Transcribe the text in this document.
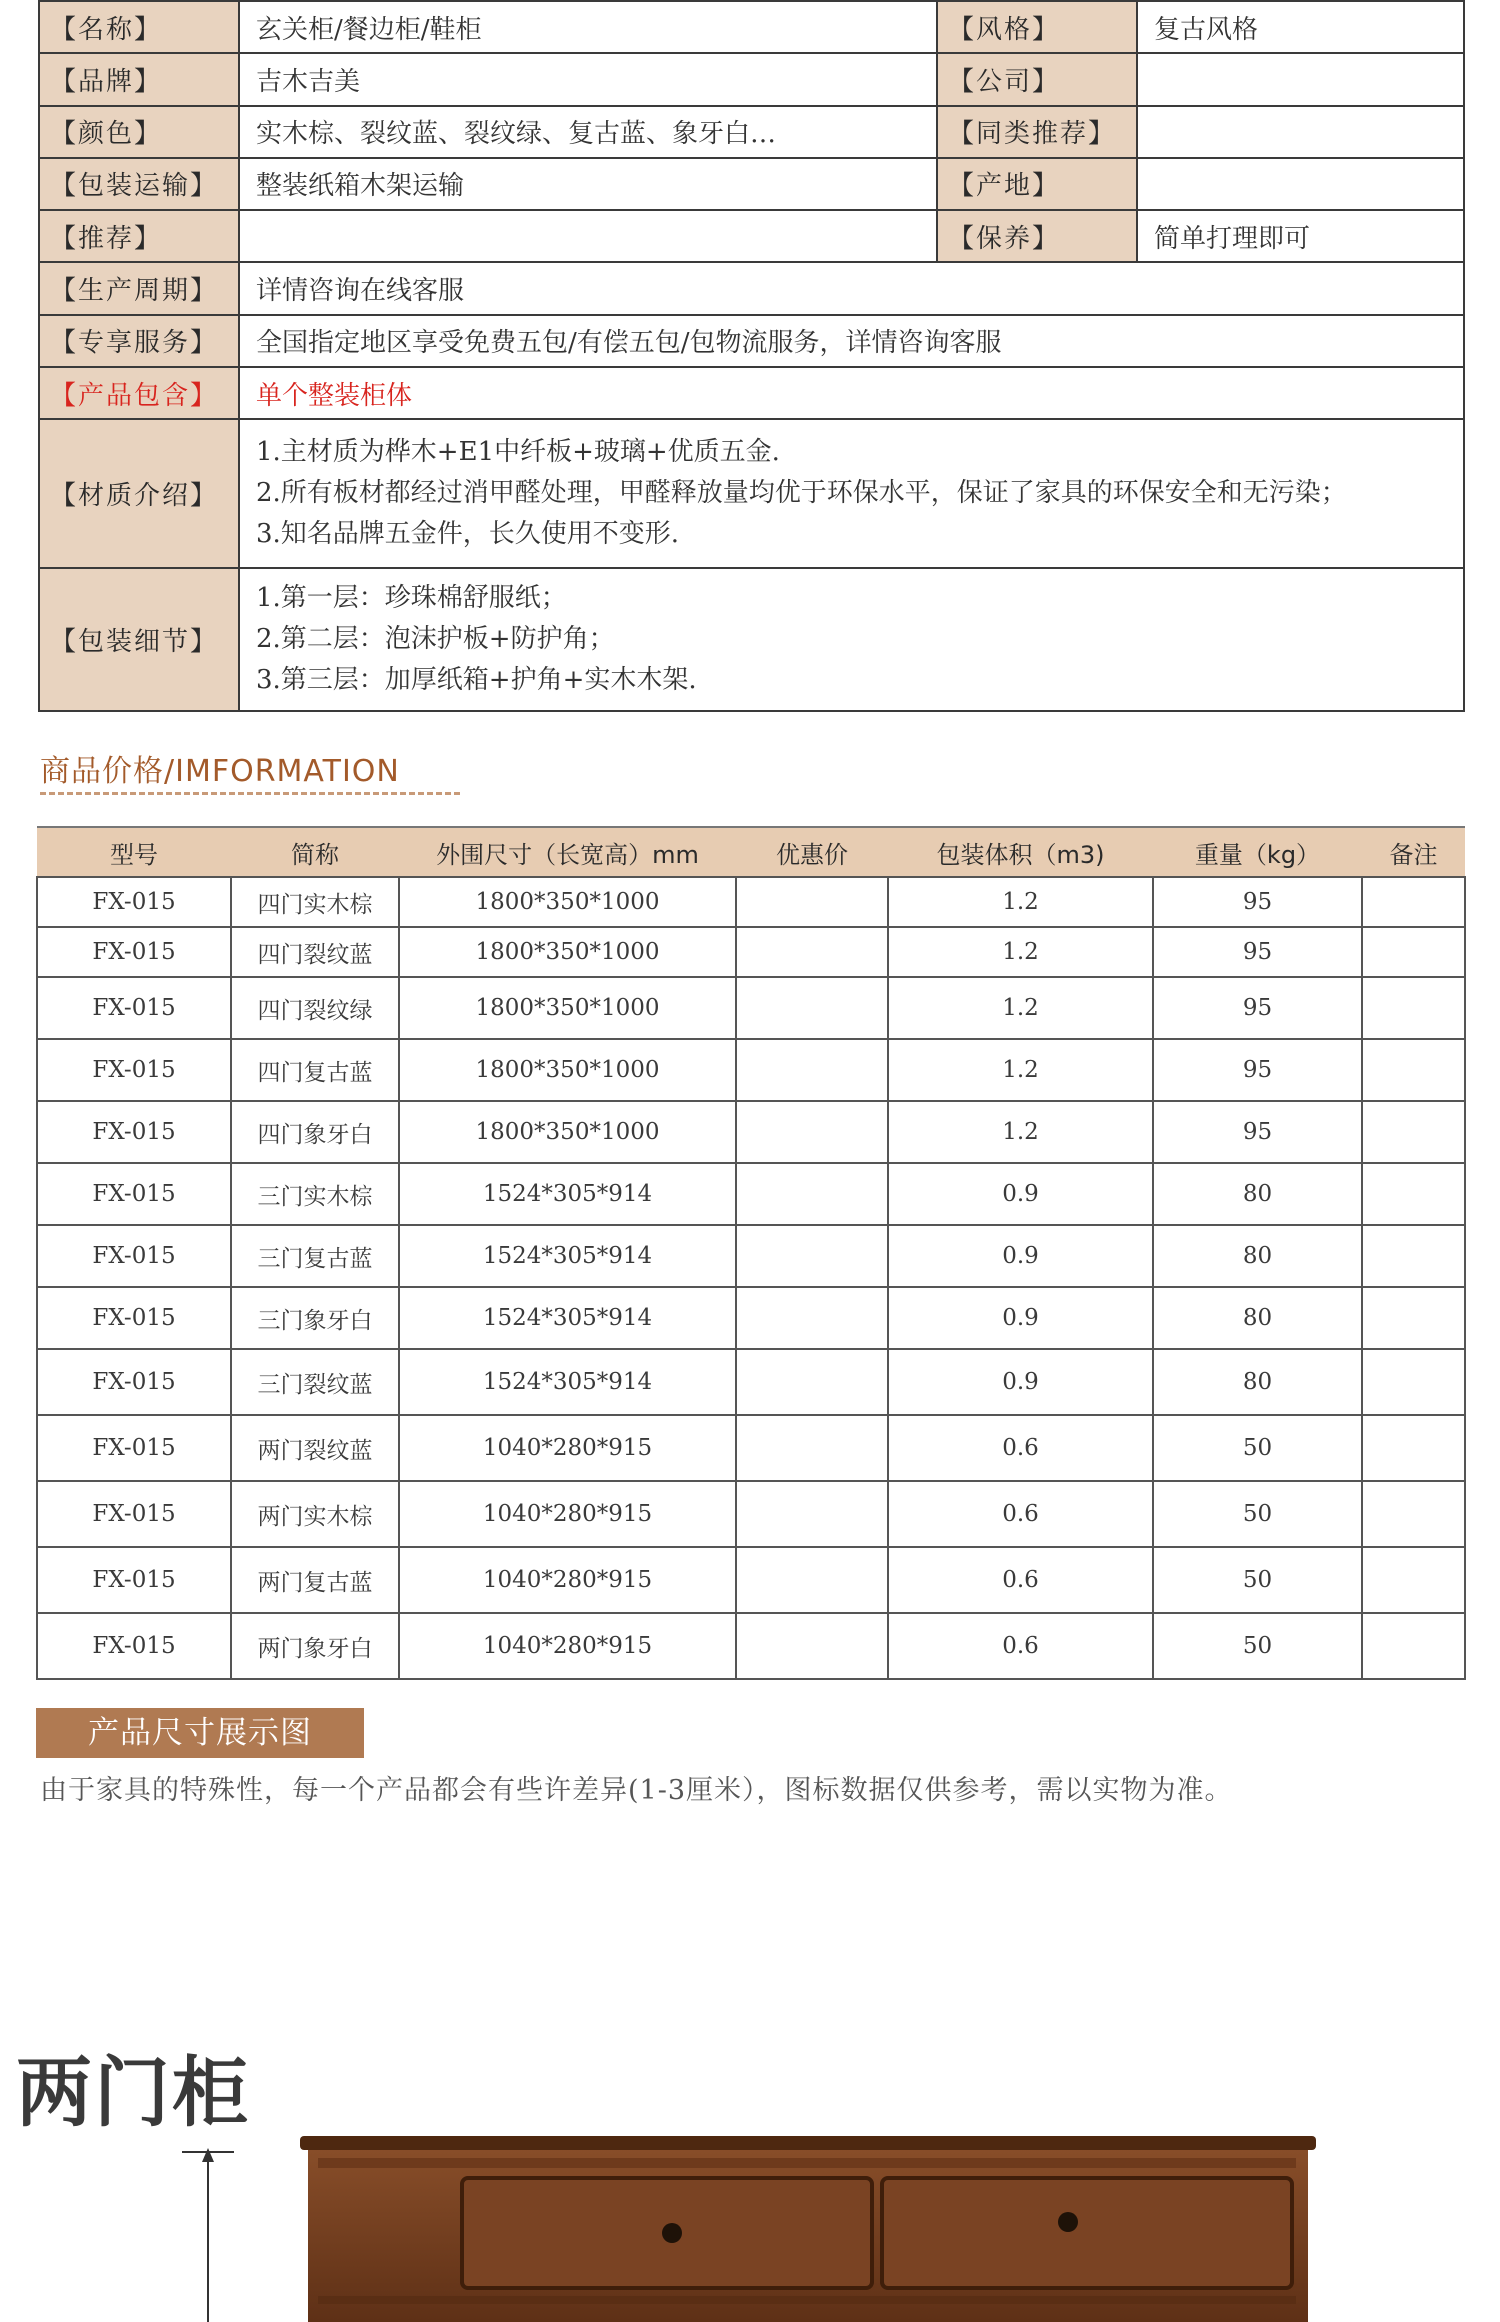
【名称】	玄关柜/餐边柜/鞋柜	【风格】	复古风格
【品牌】	吉木吉美	【公司】	
【颜色】	实木棕、裂纹蓝、裂纹绿、复古蓝、象牙白…	【同类推荐】	
【包装运输】	整装纸箱木架运输	【产地】	
【推荐】		【保养】	简单打理即可
【生产周期】	详情咨询在线客服		
【专享服务】	全国指定地区享受免费五包/有偿五包/包物流服务，详情咨询客服		
【产品包含】	单个整装柜体		
【材质介绍】	1.主材质为桦木+E1中纤板+玻璃+优质五金.
2.所有板材都经过消甲醛处理，甲醛释放量均优于环保水平，保证了家具的环保安全和无污染；
3.知名品牌五金件，长久使用不变形.		

【包装细节】	1.第一层：珍珠棉舒服纸；
2.第二层：泡沫护板+防护角；
3.第三层：加厚纸箱+护角+实木木架.		
商品价格/IMFORMATION
型号	简称	外围尺寸（长宽高）mm	优惠价	包装体积（m3)	重量（kg）	备注
FX-015	四门实木棕	1800*350*1000		1.2	95	
FX-015	四门裂纹蓝	1800*350*1000		1.2	95	
FX-015	四门裂纹绿	1800*350*1000		1.2	95	
FX-015	四门复古蓝	1800*350*1000		1.2	95	
FX-015	四门象牙白	1800*350*1000		1.2	95	
FX-015	三门实木棕	1524*305*914		0.9	80	
FX-015	三门复古蓝	1524*305*914		0.9	80	
FX-015	三门象牙白	1524*305*914		0.9	80	
FX-015	三门裂纹蓝	1524*305*914		0.9	80	
FX-015	两门裂纹蓝	1040*280*915		0.6	50	
FX-015	两门实木棕	1040*280*915		0.6	50	
FX-015	两门复古蓝	1040*280*915		0.6	50	
FX-015	两门象牙白	1040*280*915		0.6	50	
产品尺寸展示图
由于家具的特殊性，每一个产品都会有些许差异(1-3厘米），图标数据仅供参考，需以实物为准。
两门柜
